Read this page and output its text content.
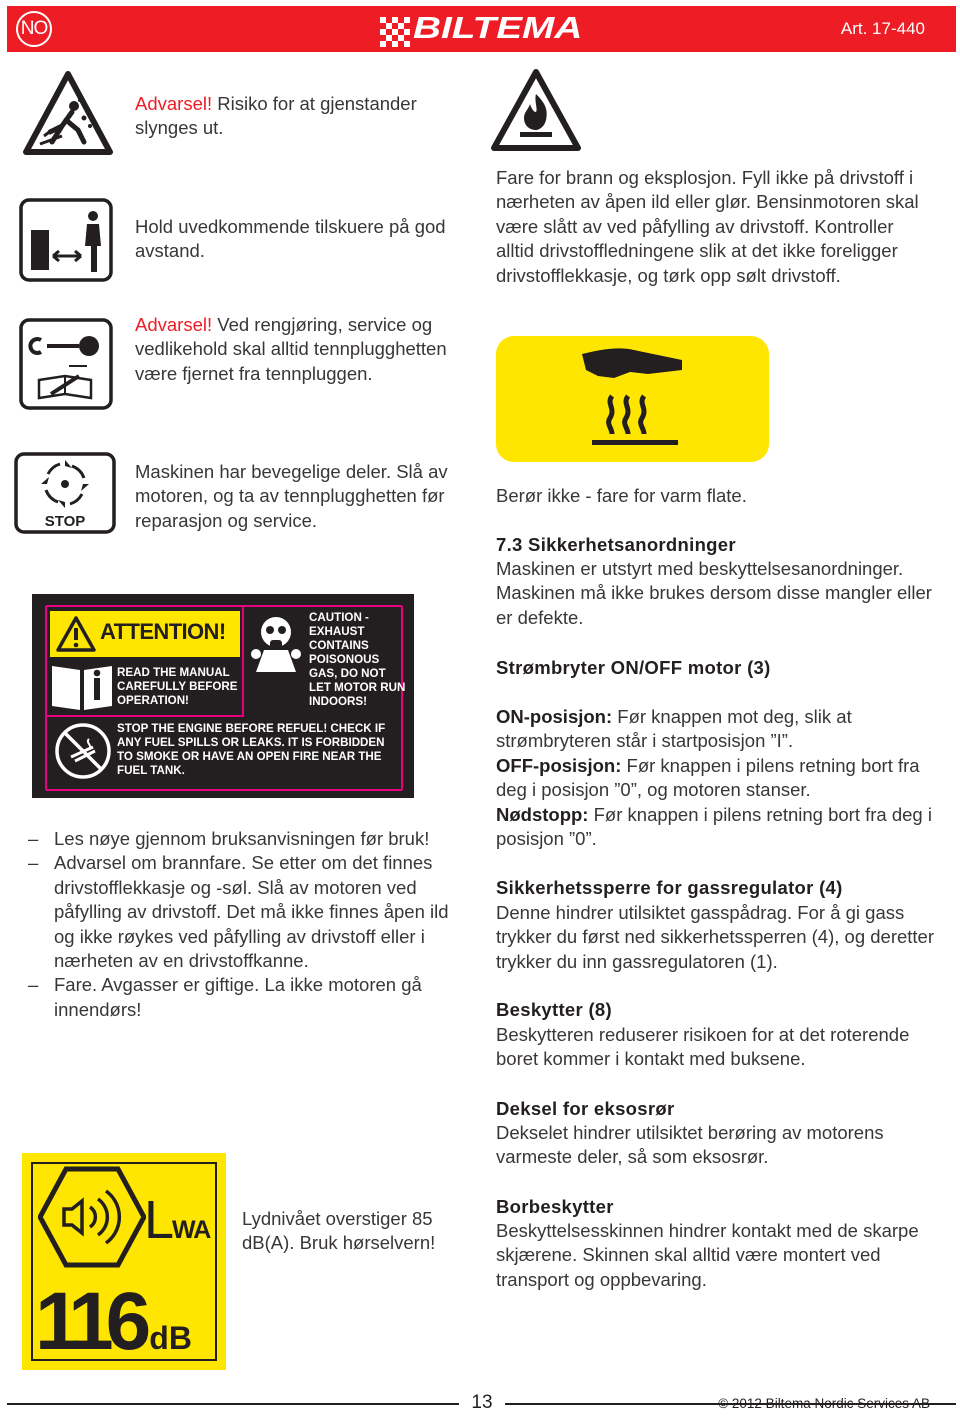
NO	BILTEMA	Art. 17-440
STOP
Advarsel! Risiko for at gjenstander slynges ut.
Hold uvedkommende tilskuere på god avstand.
Advarsel! Ved rengjøring, service og vedlikehold skal alltid tennplugghetten være fjernet fra tennpluggen.
Maskinen har bevegelige deler. Slå av motoren, og ta av tennplugghetten før reparasjon og service.
ATTENTION!
READ THE MANUAL CAREFULLY BEFORE OPERATION!
CAUTION - EXHAUST CONTAINS POISONOUS GAS, DO NOT LET MOTOR RUN INDOORS!
STOP THE ENGINE BEFORE REFUEL! CHECK IF ANY FUEL SPILLS OR LEAKS. IT IS FORBIDDEN TO SMOKE OR HAVE AN OPEN FIRE NEAR THE FUEL TANK.
– Les nøye gjennom bruksanvisningen før bruk!
– Advarsel om brannfare. Se etter om det finnes drivstofflekkasje og -søl. Slå av motoren ved påfylling av drivstoff. Det må ikke finnes åpen ild og ikke røykes ved påfylling av drivstoff eller i nærheten av en drivstoffkanne.
– Fare. Avgasser er giftige. La ikke motoren gå innendørs!
LWA
116 dB
Lydnivået overstiger 85 dB(A). Bruk hørselvern!
Fare for brann og eksplosjon. Fyll ikke på drivstoff i nærheten av åpen ild eller glør. Bensinmotoren skal være slått av ved påfylling av drivstoff. Kontroller alltid drivstoffledningene slik at det ikke foreligger drivstofflekkasje, og tørk opp sølt drivstoff.
Berør ikke - fare for varm flate.
7.3 Sikkerhetsanordninger
Maskinen er utstyrt med beskyttelsesanordninger. Maskinen må ikke brukes dersom disse mangler eller er defekte.
Strømbryter ON/OFF motor (3)
ON-posisjon: Før knappen mot deg, slik at strømbryteren står i startposisjon ”I”.
OFF-posisjon: Før knappen i pilens retning bort fra deg i posisjon ”0”, og motoren stanser.
Nødstopp: Før knappen i pilens retning bort fra deg i posisjon ”0”.
Sikkerhetssperre for gassregulator (4)
Denne hindrer utilsiktet gasspådrag. For å gi gass trykker du først ned sikkerhetssperren (4), og deretter trykker du inn gassregulatoren (1).
Beskytter (8)
Beskytteren reduserer risikoen for at det roterende boret kommer i kontakt med buksene.
Deksel for eksosrør
Dekselet hindrer utilsiktet berøring av motorens varmeste deler, så som eksosrør.
Borbeskytter
Beskyttelsesskinnen hindrer kontakt med de skarpe skjærene. Skinnen skal alltid være montert ved transport og oppbevaring.
13	© 2012 Biltema Nordic Services AB
